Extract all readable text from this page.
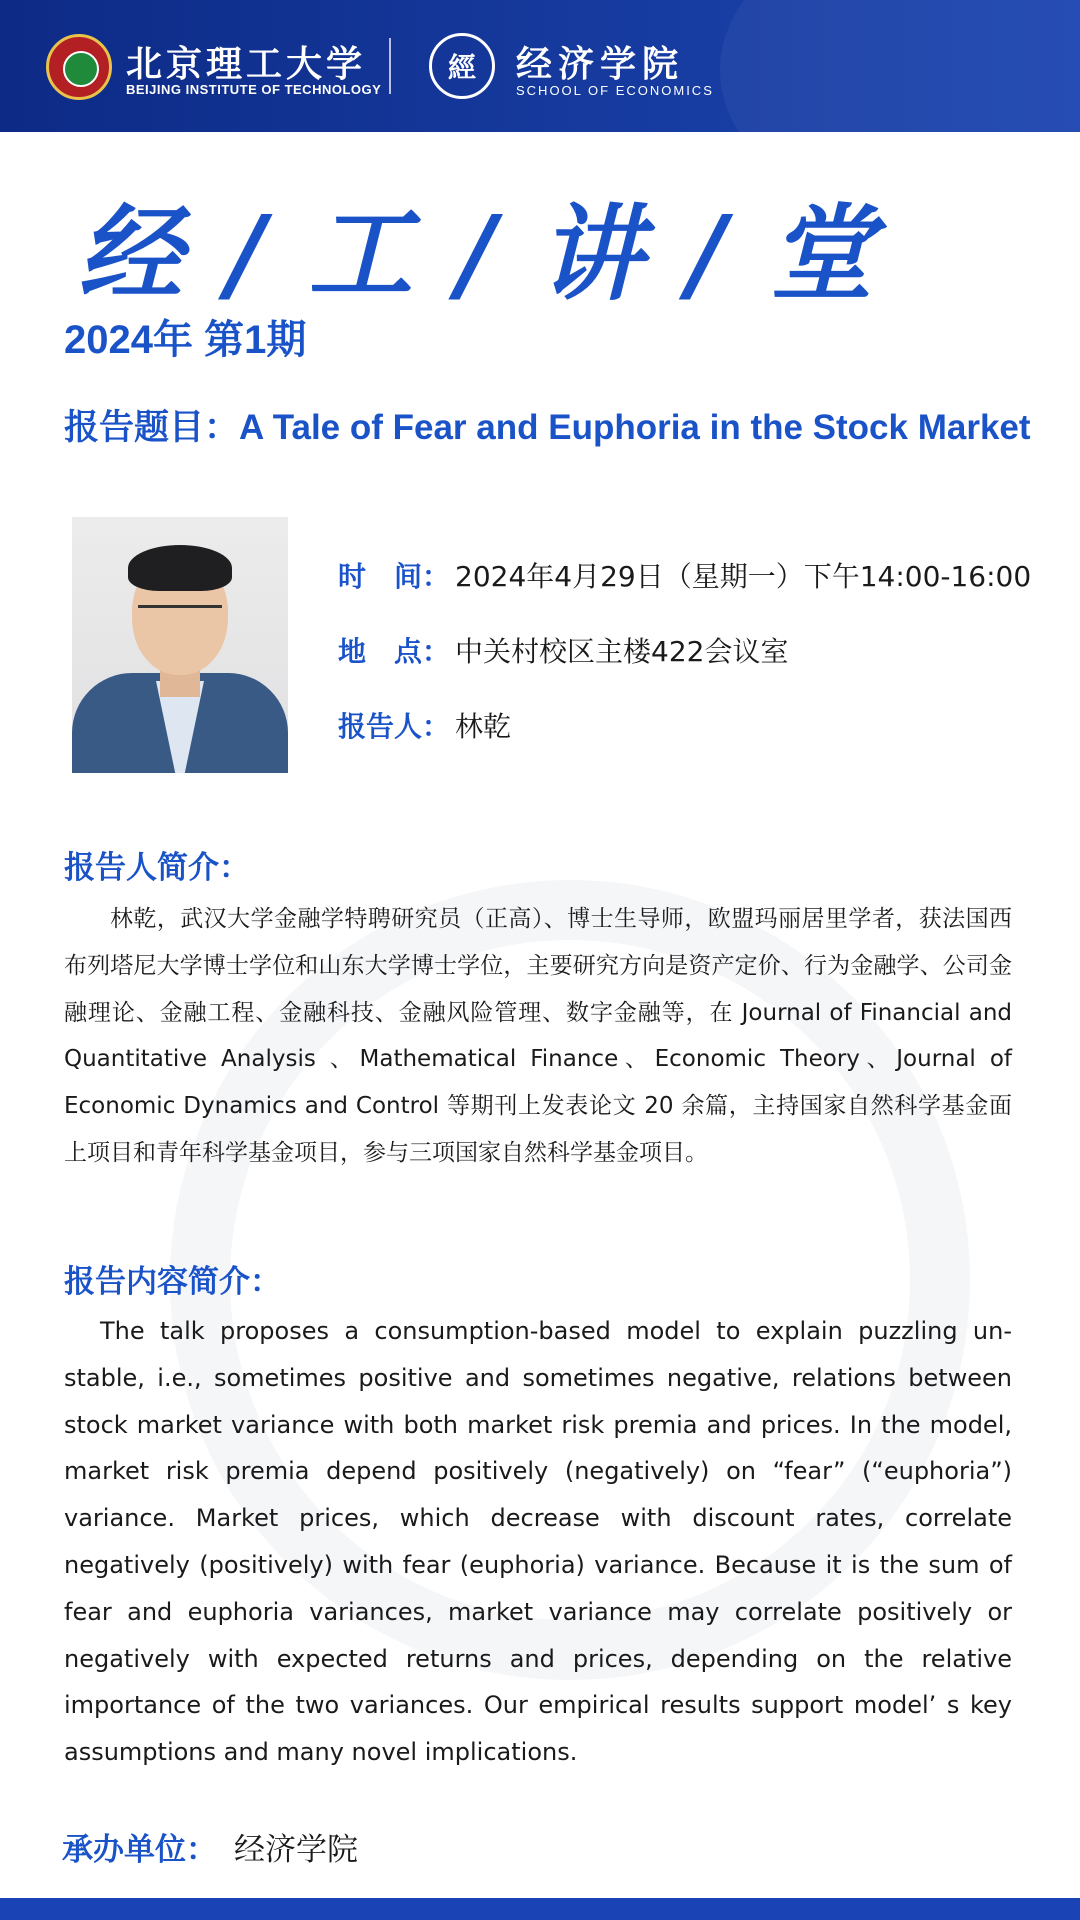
北京理工大学
BEIJING INSTITUTE OF TECHNOLOGY
經	经济学院
SCHOOL OF ECONOMICS
经 / 工 / 讲 / 堂
2024年 第1期
报告题目：A Tale of Fear and Euphoria in the Stock Market
时　间： 2024年4月29日（星期一）下午14:00-16:00
地　点： 中关村校区主楼422会议室
报告人： 林乾
报告人简介：
林乾，武汉大学金融学特聘研究员（正高）、博士生导师，欧盟玛丽居里学者，获法国西布列塔尼大学博士学位和山东大学博士学位，主要研究方向是资产定价、行为金融学、公司金融理论、金融工程、金融科技、金融风险管理、数字金融等，在 Journal of Financial and Quantitative Analysis 、Mathematical Finance、Economic Theory、Journal of Economic Dynamics and Control 等期刊上发表论文 20 余篇，主持国家自然科学基金面上项目和青年科学基金项目，参与三项国家自然科学基金项目。
报告内容简介：
The talk proposes a consumption-based model to explain puzzling un-stable, i.e., sometimes positive and sometimes negative, relations between stock market variance with both market risk premia and prices. In the model, market risk premia depend positively (negatively) on “fear” (“euphoria”) variance. Market prices, which decrease with discount rates, correlate negatively (positively) with fear (euphoria) variance. Because it is the sum of fear and euphoria variances, market variance may correlate positively or negatively with expected returns and prices, depending on the relative importance of the two variances. Our empirical results support model’ s key assumptions and many novel implications.
承办单位： 经济学院
